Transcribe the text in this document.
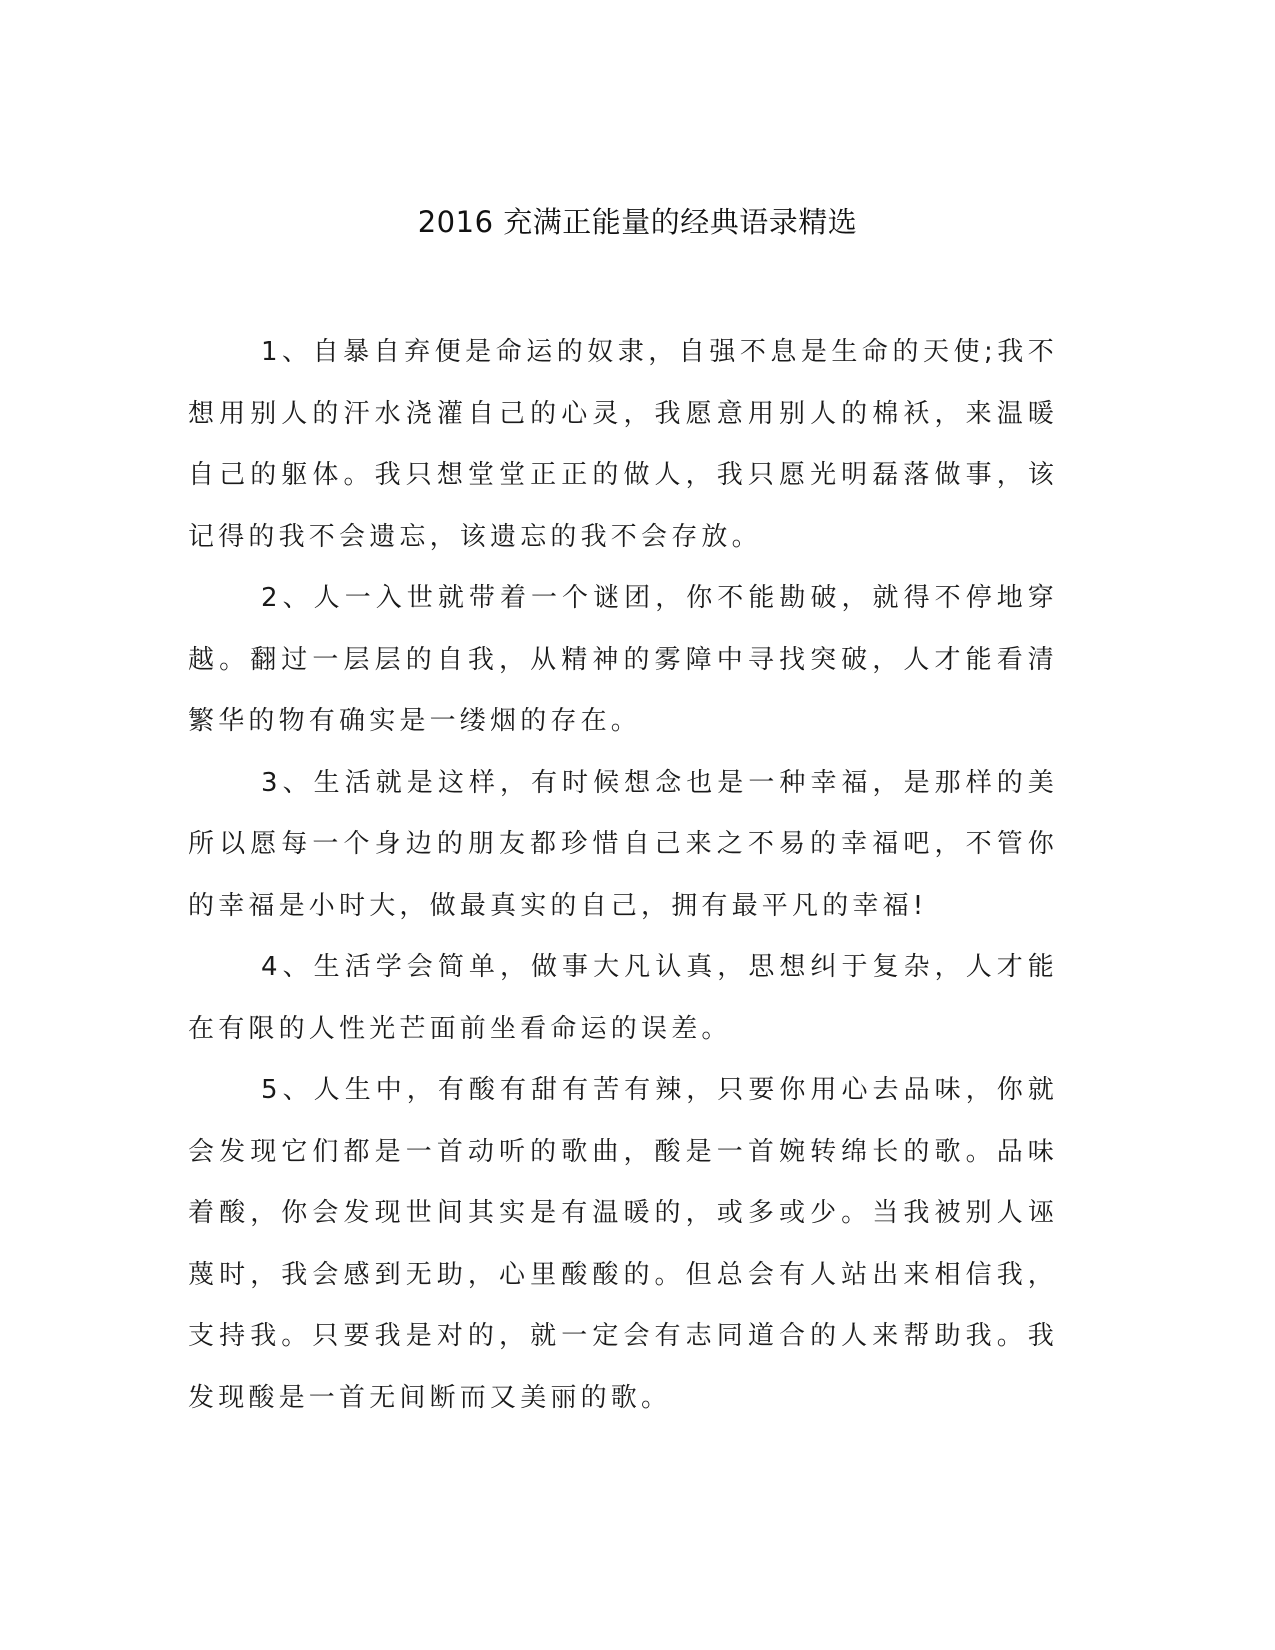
2016 充满正能量的经典语录精选

1、自暴自弃便是命运的奴隶，自强不息是生命的天使;我不想用别人的汗水浇灌自己的心灵，我愿意用别人的棉袄，来温暖自己的躯体。我只想堂堂正正的做人，我只愿光明磊落做事，该记得的我不会遗忘，该遗忘的我不会存放。

2、人一入世就带着一个谜团，你不能勘破，就得不停地穿越。翻过一层层的自我，从精神的雾障中寻找突破，人才能看清繁华的物有确实是一缕烟的存在。

3、生活就是这样，有时候想念也是一种幸福，是那样的美所以愿每一个身边的朋友都珍惜自己来之不易的幸福吧，不管你的幸福是小时大，做最真实的自己，拥有最平凡的幸福!

4、生活学会简单，做事大凡认真，思想纠于复杂，人才能在有限的人性光芒面前坐看命运的误差。

5、人生中，有酸有甜有苦有辣，只要你用心去品味，你就会发现它们都是一首动听的歌曲，酸是一首婉转绵长的歌。品味着酸，你会发现世间其实是有温暖的，或多或少。当我被别人诬蔑时，我会感到无助，心里酸酸的。但总会有人站出来相信我，支持我。只要我是对的，就一定会有志同道合的人来帮助我。我发现酸是一首无间断而又美丽的歌。
